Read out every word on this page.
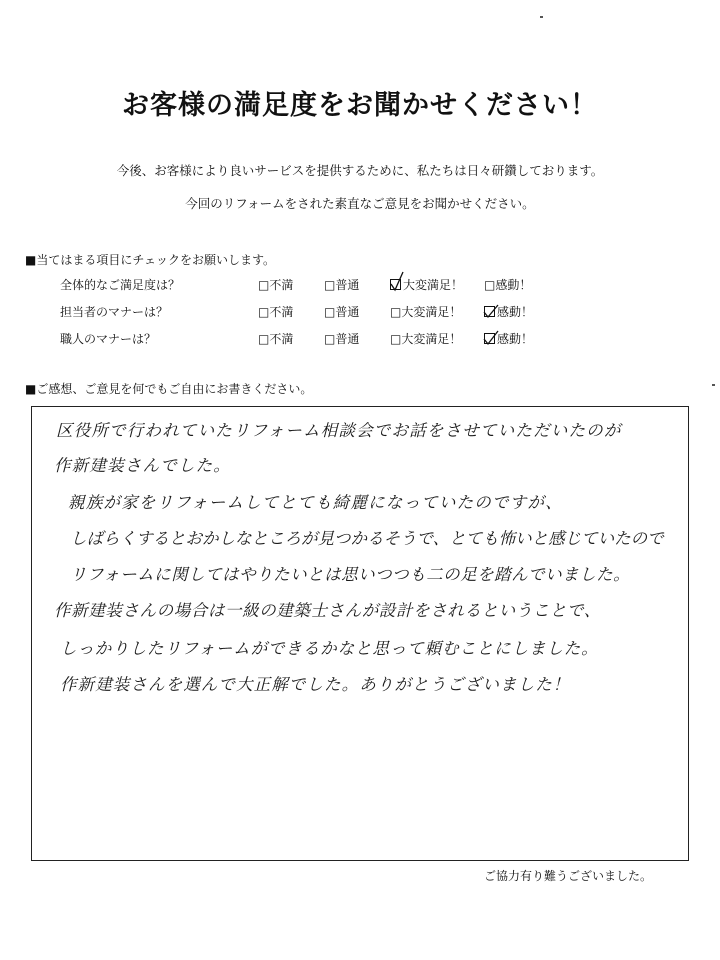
お客様の満足度をお聞かせください！

今後、お客様により良いサービスを提供するために、私たちは日々研鑽しております。

今回のリフォームをされた素直なご意見をお聞かせください。

■当てはまる項目にチェックをお願いします。

全体的なご満足度は？	□不満	□普通	大変満足！ □感動！
担当者のマナーは？	□不満	□普通	□大変満足！	感動！
職人のマナーは？	□不満	□普通	□大変満足！	感動！

■ご感想、ご意見を何でもご自由にお書きください。

区役所で行われていたリフォーム相談会でお話をさせていただいたのが
作新建装さんでした。
親族が家をリフォームしてとても綺麗になっていたのですが、
しばらくするとおかしなところが見つかるそうで、とても怖いと感じていたので
リフォームに関してはやりたいとは思いつつも二の足を踏んでいました。
作新建装さんの場合は一級の建築士さんが設計をされるということで、
しっかりしたリフォームができるかなと思って頼むことにしました。
作新建装さんを選んで大正解でした。ありがとうございました！

ご協力有り難うございました。
